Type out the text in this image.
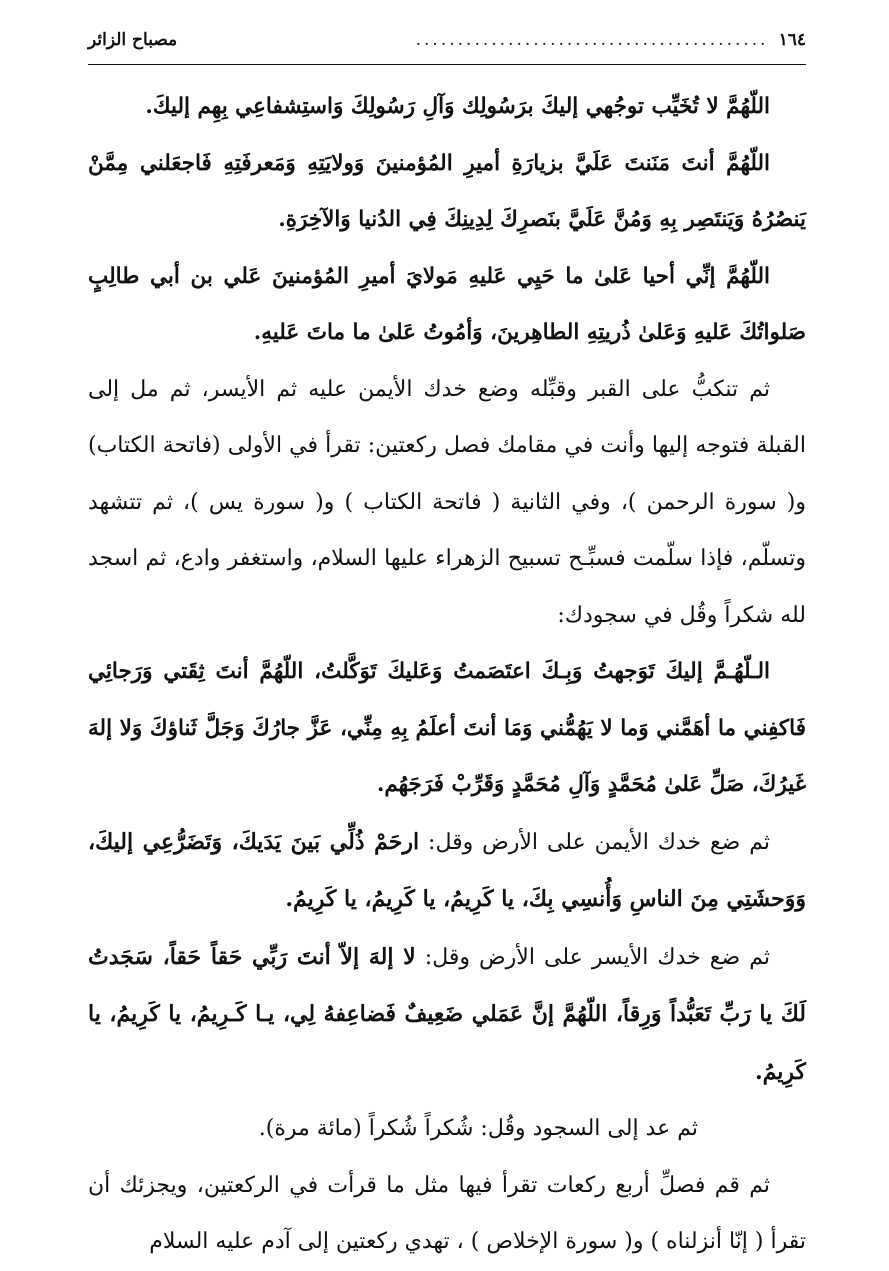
١٦٤
..........................................
مصباح الزائر

اللّهُمَّ لا تُخَيِّب توجُهي إليكَ برَسُولِك وَآلِ رَسُولِكَ وَاستِشفاعِي بِهِم إليكَ.

اللّهُمَّ أنتَ مَنَنتَ عَلَيَّ بزيارَةِ أميرِ المُؤمنينَ وَولايَتِهِ وَمَعرفَتِهِ فَاجعَلني مِمَّنْ يَنصُرُهُ وَيَنتَصِر بِهِ وَمُنَّ عَلَيَّ بنَصرِكَ لِدِينِكَ فِي الدُنيا وَالآخِرَةِ.

اللّهُمَّ إنِّي أحيا عَلىٰ ما حَيِي عَليهِ مَولايَ أميرِ المُؤمنينَ عَلي بن أبي طالِبٍ صَلواتُكَ عَليهِ وَعَلىٰ ذُريتِهِ الطاهِرينَ، وَأمُوتُ عَلىٰ ما ماتَ عَليهِ.

ثم تنكبُّ على القبر وقبِّله وضع خدك الأيمن عليه ثم الأيسر، ثم مل إلى القبلة فتوجه إليها وأنت في مقامك فصل ركعتين: تقرأ في الأولى (فاتحة الكتاب) و( سورة الرحمن )، وفي الثانية ( فاتحة الكتاب ) و( سورة يس )، ثم تتشهد وتسلّم، فإذا سلّمت فسبِّـح تسبيح الزهراء عليها السلام، واستغفر وادع، ثم اسجد لله شكراً وقُل في سجودك:

الـلّهُـمَّ إليكَ تَوَجهتُ وَبِـكَ اعتَصَمتُ وَعَليكَ تَوَكَّلتُ، اللّهُمَّ أنتَ ثِقَتي وَرَجائِي فَاكفِني ما أهَمَّني وَما لا يَهُمُّني وَمَا أنتَ أعلَمُ بِهِ مِنِّي، عَزَّ جارُكَ وَجَلَّ ثَناؤكَ وَلا إلهَ غَيرُكَ، صَلِّ عَلىٰ مُحَمَّدٍ وَآلِ مُحَمَّدٍ وَقَرِّبْ فَرَجَهُم.

ثم ضع خدك الأيمن على الأرض وقل: ارحَمْ ذُلِّي بَينَ يَدَيكَ، وَتَضَرُّعِي إليكَ، وَوَحشَتِي مِنَ الناسِ وَأُنسِي بِكَ، يا كَرِيمُ، يا كَرِيمُ، يا كَرِيمُ.

ثم ضع خدك الأيسر على الأرض وقل: لا إلهَ إلاّ أنتَ رَبِّي حَقاً حَقاً، سَجَدتُ لَكَ يا رَبِّ تَعَبُّداً وَرِقاً، اللّهُمَّ إنَّ عَمَلي ضَعِيفٌ فَضاعِفهُ لِي، يـا كَـرِيمُ، يا كَرِيمُ، يا كَرِيمُ.

ثم عد إلى السجود وقُل: شُكراً شُكراً (مائة مرة).

ثم قم فصلِّ أربع ركعات تقرأ فيها مثل ما قرأت في الركعتين، ويجزئك أن تقرأ ( إنّا أنزلناه ) و( سورة الإخلاص ) ، تهدي ركعتين إلى آدم عليه السلام
